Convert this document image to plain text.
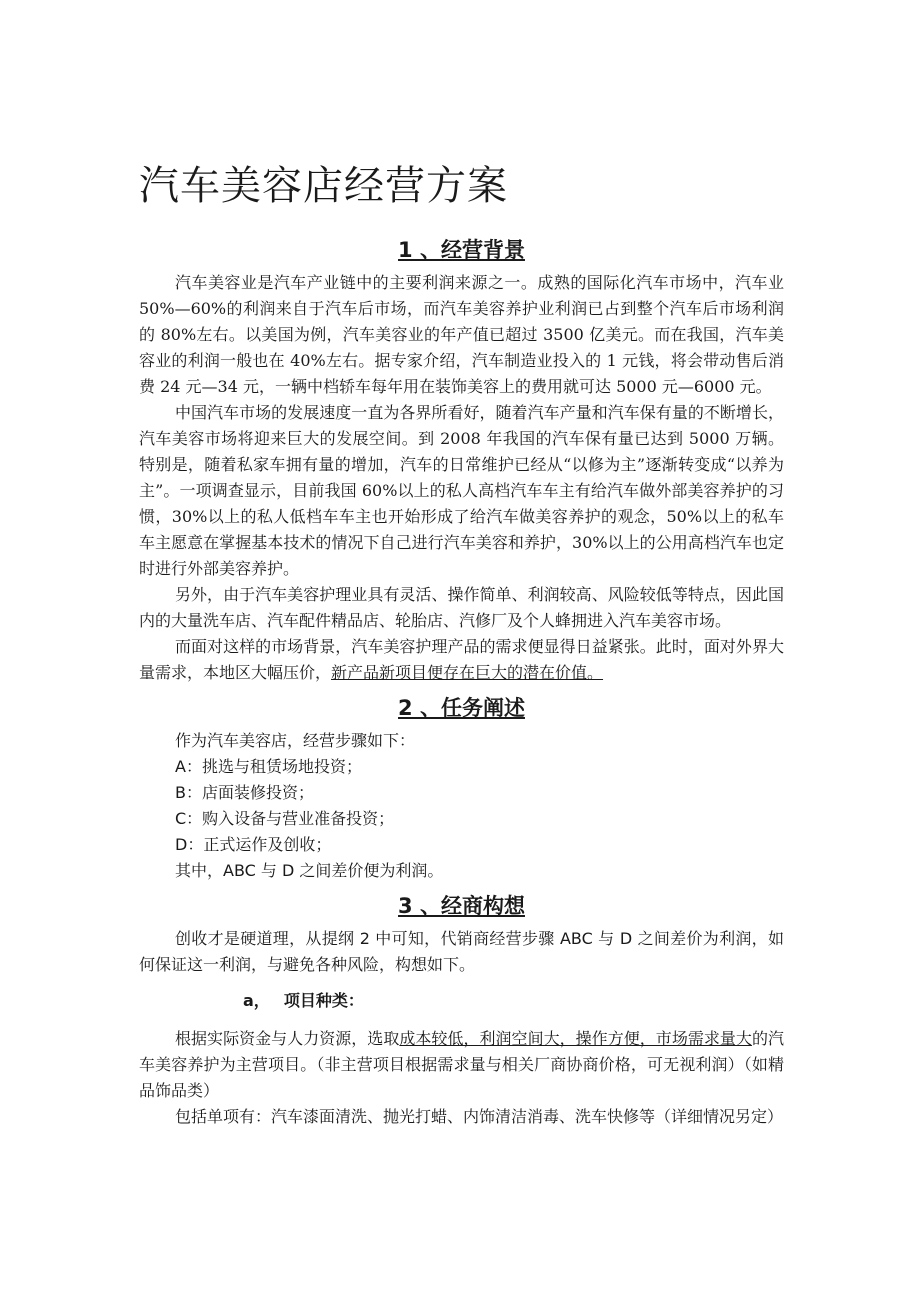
汽车美容店经营方案
1 、经营背景

汽车美容业是汽车产业链中的主要利润来源之一。成熟的国际化汽车市场中，汽车业 50%—60%的利润来自于汽车后市场，而汽车美容养护业利润已占到整个汽车后市场利润的 80%左右。以美国为例，汽车美容业的年产值已超过 3500 亿美元。而在我国，汽车美容业的利润一般也在 40%左右。据专家介绍，汽车制造业投入的 1 元钱，将会带动售后消费 24 元—34 元，一辆中档轿车每年用在装饰美容上的费用就可达 5000 元—6000 元。

中国汽车市场的发展速度一直为各界所看好，随着汽车产量和汽车保有量的不断增长，汽车美容市场将迎来巨大的发展空间。到 2008 年我国的汽车保有量已达到 5000 万辆。特别是，随着私家车拥有量的增加，汽车的日常维护已经从“以修为主”逐渐转变成“以养为主”。一项调查显示，目前我国 60%以上的私人高档汽车车主有给汽车做外部美容养护的习惯，30%以上的私人低档车车主也开始形成了给汽车做美容养护的观念，50%以上的私车车主愿意在掌握基本技术的情况下自己进行汽车美容和养护，30%以上的公用高档汽车也定时进行外部美容养护。

另外，由于汽车美容护理业具有灵活、操作简单、利润较高、风险较低等特点，因此国内的大量洗车店、汽车配件精品店、轮胎店、汽修厂及个人蜂拥进入汽车美容市场。

而面对这样的市场背景，汽车美容护理产品的需求便显得日益紧张。此时，面对外界大量需求，本地区大幅压价，新产品新项目便存在巨大的潜在价值。

2 、任务阐述

作为汽车美容店，经营步骤如下：

A：挑选与租赁场地投资；

B：店面装修投资；

C：购入设备与营业准备投资；

D：正式运作及创收；

其中，ABC 与 D 之间差价便为利润。

3 、经商构想

创收才是硬道理，从提纲 2 中可知，代销商经营步骤 ABC 与 D 之间差价为利润，如何保证这一利润，与避免各种风险，构想如下。

a， 项目种类：

根据实际资金与人力资源，选取成本较低，利润空间大，操作方便，市场需求量大的汽车美容养护为主营项目。（非主营项目根据需求量与相关厂商协商价格，可无视利润）（如精品饰品类）

包括单项有：汽车漆面清洗、抛光打蜡、内饰清洁消毒、洗车快修等（详细情况另定）
